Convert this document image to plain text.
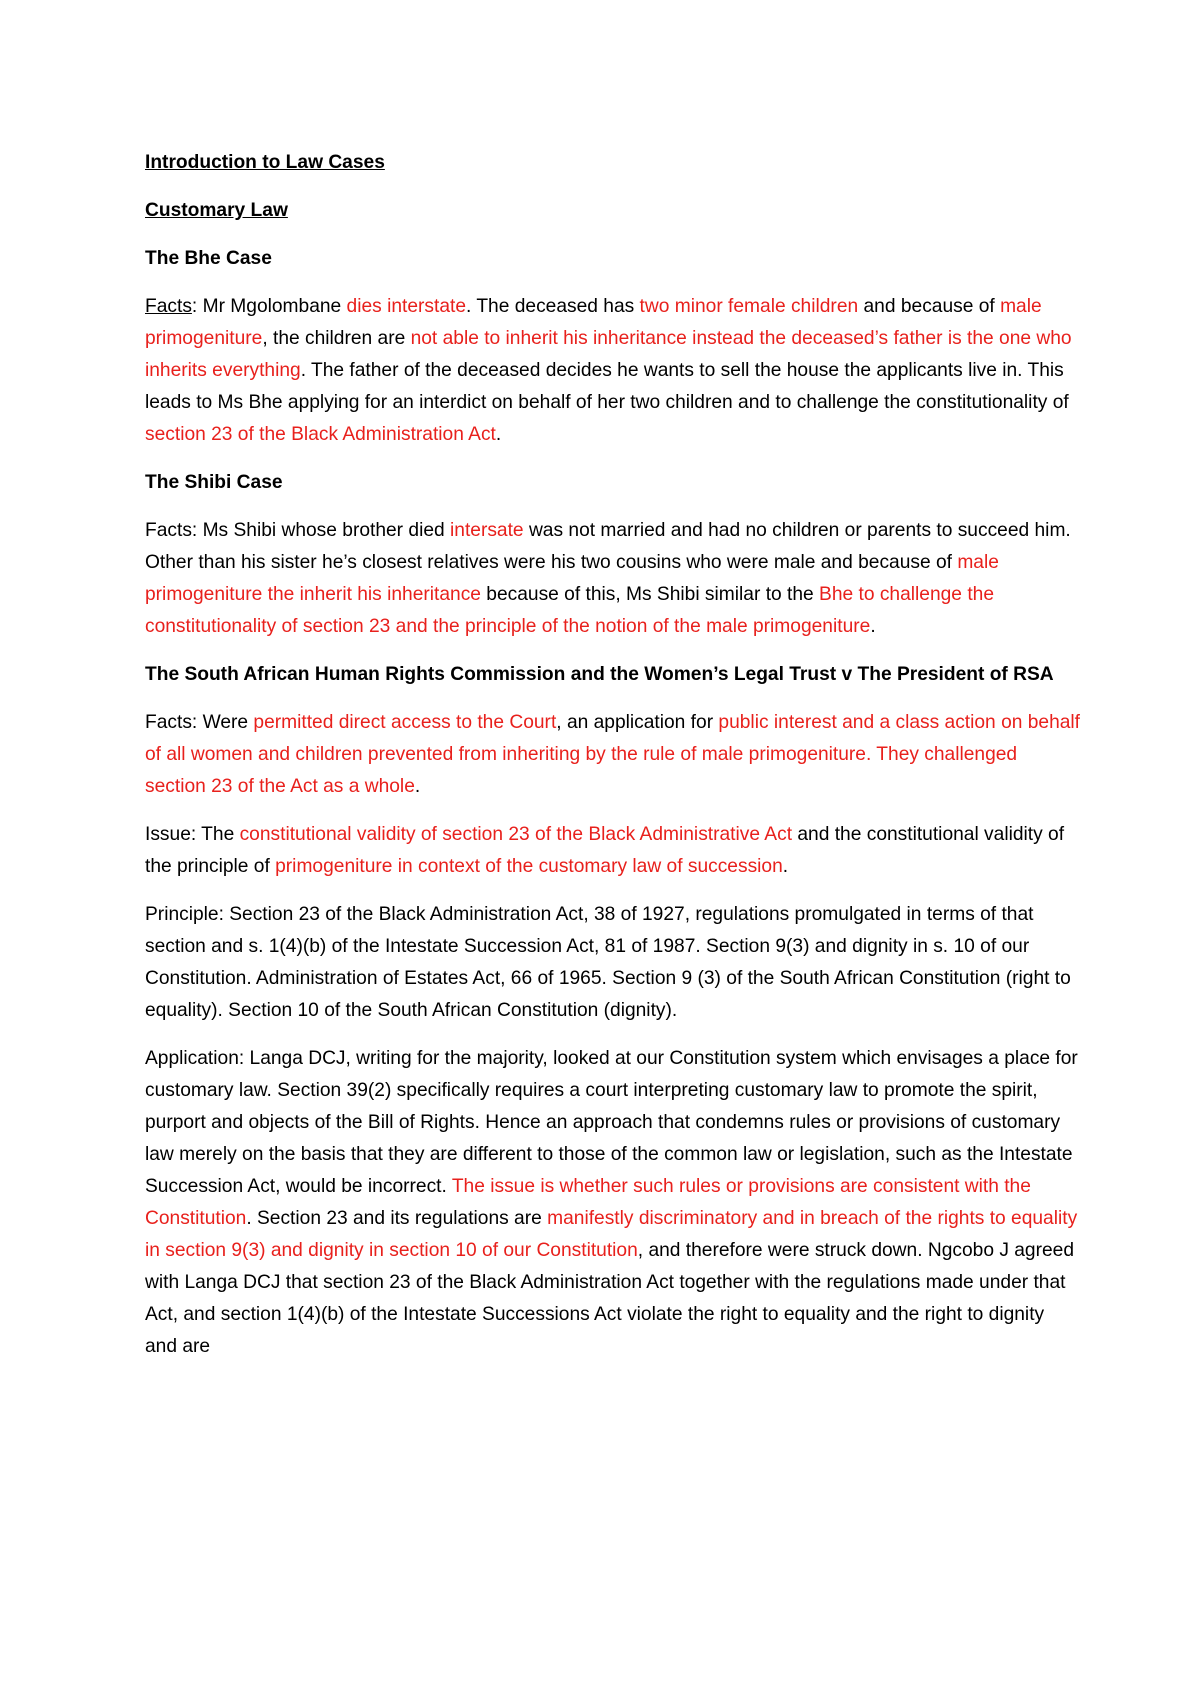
Introduction to Law Cases

Customary Law

The Bhe Case

Facts: Mr Mgolombane dies interstate. The deceased has two minor female children and because of male primogeniture, the children are not able to inherit his inheritance instead the deceased’s father is the one who inherits everything. The father of the deceased decides he wants to sell the house the applicants live in. This leads to Ms Bhe applying for an interdict on behalf of her two children and to challenge the constitutionality of section 23 of the Black Administration Act.

The Shibi Case

Facts: Ms Shibi whose brother died intersate was not married and had no children or parents to succeed him. Other than his sister he’s closest relatives were his two cousins who were male and because of male primogeniture the inherit his inheritance because of this, Ms Shibi similar to the Bhe to challenge the constitutionality of section 23 and the principle of the notion of the male primogeniture.

The South African Human Rights Commission and the Women’s Legal Trust v The President of RSA

Facts: Were permitted direct access to the Court, an application for public interest and a class action on behalf of all women and children prevented from inheriting by the rule of male primogeniture. They challenged section 23 of the Act as a whole.

Issue: The constitutional validity of section 23 of the Black Administrative Act and the constitutional validity of the principle of primogeniture in context of the customary law of succession.

Principle: Section 23 of the Black Administration Act, 38 of 1927, regulations promulgated in terms of that section and s. 1(4)(b) of the Intestate Succession Act, 81 of 1987. Section 9(3) and dignity in s. 10 of our Constitution. Administration of Estates Act, 66 of 1965. Section 9 (3) of the South African Constitution (right to equality). Section 10 of the South African Constitution (dignity).

Application: Langa DCJ, writing for the majority, looked at our Constitution system which envisages a place for customary law. Section 39(2) specifically requires a court interpreting customary law to promote the spirit, purport and objects of the Bill of Rights. Hence an approach that condemns rules or provisions of customary law merely on the basis that they are different to those of the common law or legislation, such as the Intestate Succession Act, would be incorrect. The issue is whether such rules or provisions are consistent with the Constitution. Section 23 and its regulations are manifestly discriminatory and in breach of the rights to equality in section 9(3) and dignity in section 10 of our Constitution, and therefore were struck down. Ngcobo J agreed with Langa DCJ that section 23 of the Black Administration Act together with the regulations made under that Act, and section 1(4)(b) of the Intestate Successions Act violate the right to equality and the right to dignity and are
